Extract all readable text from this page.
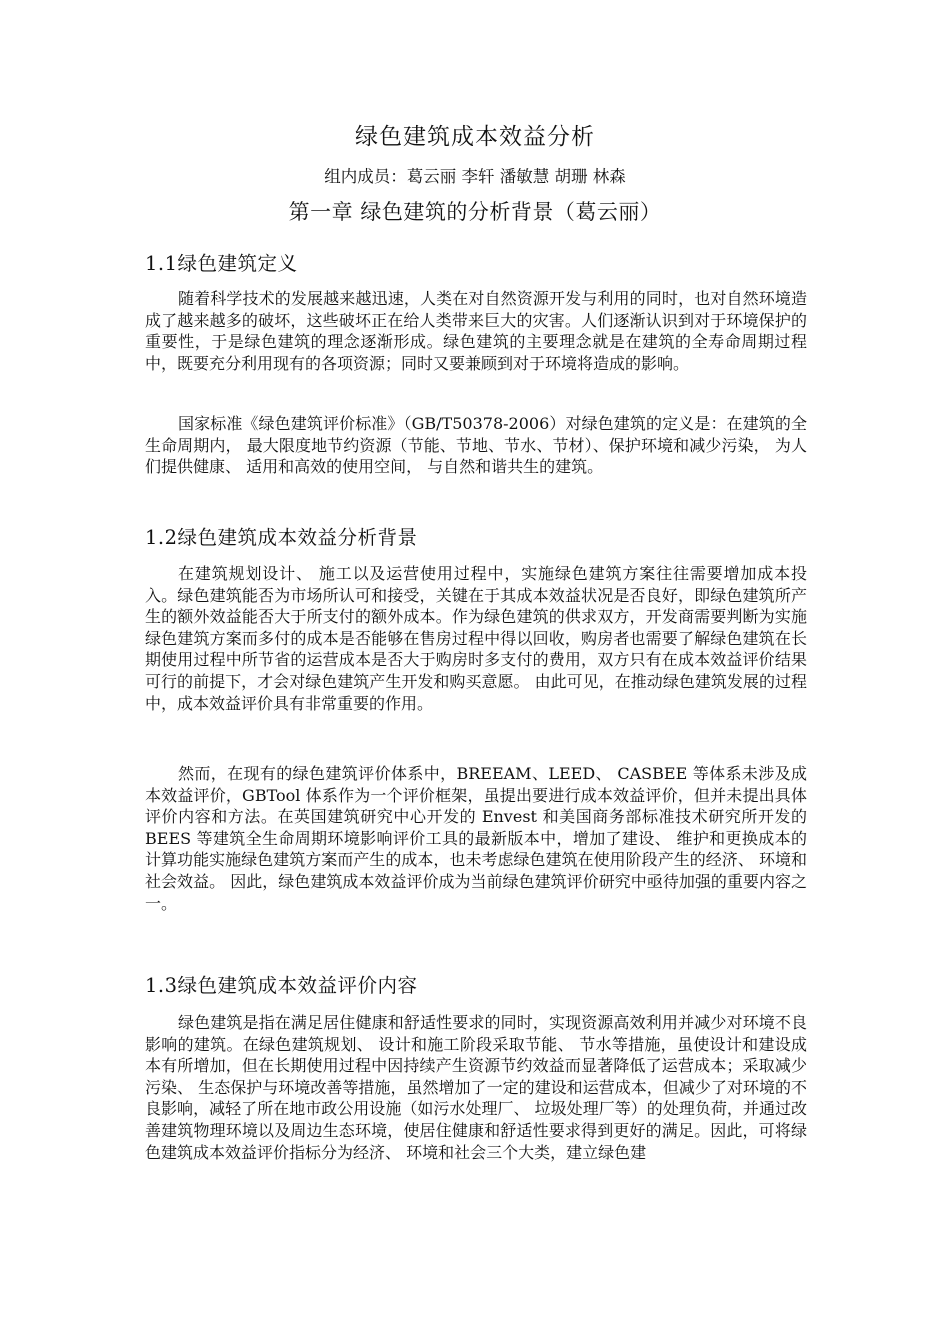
绿色建筑成本效益分析
组内成员：葛云丽 李轩 潘敏慧 胡珊 林森
第一章 绿色建筑的分析背景（葛云丽）
1.1绿色建筑定义

随着科学技术的发展越来越迅速，人类在对自然资源开发与利用的同时，也对自然环境造成了越来越多的破坏，这些破坏正在给人类带来巨大的灾害。人们逐渐认识到对于环境保护的重要性，于是绿色建筑的理念逐渐形成。绿色建筑的主要理念就是在建筑的全寿命周期过程中，既要充分利用现有的各项资源；同时又要兼顾到对于环境将造成的影响。

国家标准《绿色建筑评价标准》（GB/T50378-2006）对绿色建筑的定义是：在建筑的全生命周期内， 最大限度地节约资源（节能、节地、节水、节材）、保护环境和减少污染， 为人们提供健康、 适用和高效的使用空间， 与自然和谐共生的建筑。

1.2绿色建筑成本效益分析背景

在建筑规划设计、 施工以及运营使用过程中，实施绿色建筑方案往往需要增加成本投入。绿色建筑能否为市场所认可和接受，关键在于其成本效益状况是否良好，即绿色建筑所产生的额外效益能否大于所支付的额外成本。作为绿色建筑的供求双方，开发商需要判断为实施绿色建筑方案而多付的成本是否能够在售房过程中得以回收，购房者也需要了解绿色建筑在长期使用过程中所节省的运营成本是否大于购房时多支付的费用，双方只有在成本效益评价结果可行的前提下，才会对绿色建筑产生开发和购买意愿。 由此可见，在推动绿色建筑发展的过程中，成本效益评价具有非常重要的作用。

然而，在现有的绿色建筑评价体系中，BREEAM、LEED、 CASBEE 等体系未涉及成本效益评价，GBTool 体系作为一个评价框架，虽提出要进行成本效益评价，但并未提出具体评价内容和方法。在英国建筑研究中心开发的 Envest 和美国商务部标准技术研究所开发的 BEES 等建筑全生命周期环境影响评价工具的最新版本中，增加了建设、 维护和更换成本的计算功能实施绿色建筑方案而产生的成本，也未考虑绿色建筑在使用阶段产生的经济、 环境和社会效益。 因此，绿色建筑成本效益评价成为当前绿色建筑评价研究中亟待加强的重要内容之一。

1.3绿色建筑成本效益评价内容

绿色建筑是指在满足居住健康和舒适性要求的同时，实现资源高效利用并减少对环境不良影响的建筑。在绿色建筑规划、 设计和施工阶段采取节能、 节水等措施，虽使设计和建设成本有所增加，但在长期使用过程中因持续产生资源节约效益而显著降低了运营成本；采取减少污染、 生态保护与环境改善等措施，虽然增加了一定的建设和运营成本，但减少了对环境的不良影响，减轻了所在地市政公用设施（如污水处理厂、 垃圾处理厂等）的处理负荷，并通过改善建筑物理环境以及周边生态环境，使居住健康和舒适性要求得到更好的满足。因此，可将绿色建筑成本效益评价指标分为经济、 环境和社会三个大类，建立绿色建
